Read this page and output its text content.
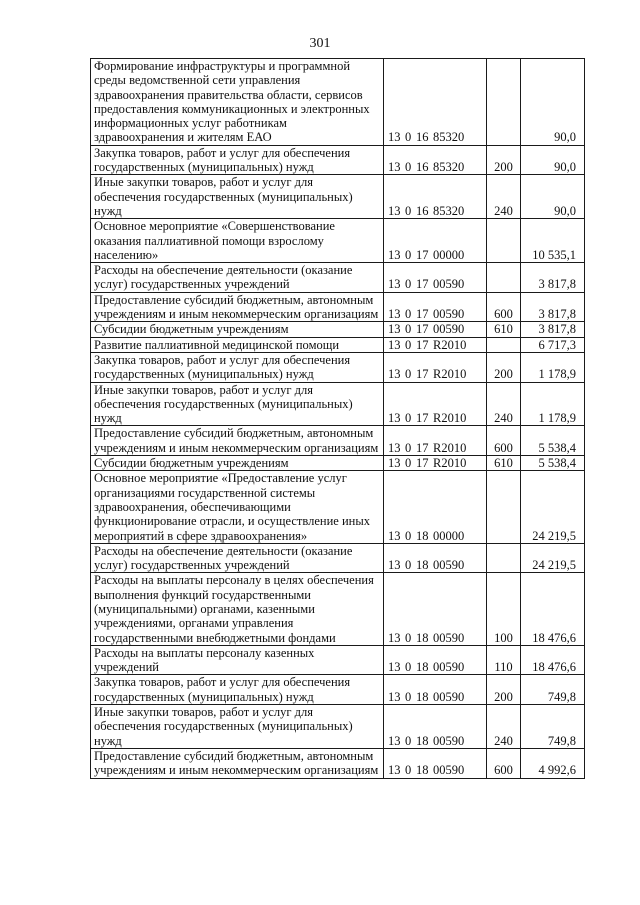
301
Формирование инфраструктуры и программной среды ведомственной сети управления здравоохранения правительства области, сервисов предоставления коммуникационных и электронных информационных услуг работникам здравоохранения и жителям ЕАО	13 0 16 85320		90,0
Закупка товаров, работ и услуг для обеспечения государственных (муниципальных) нужд	13 0 16 85320	200	90,0
Иные закупки товаров, работ и услуг для обеспечения государственных (муниципальных) нужд	13 0 16 85320	240	90,0
Основное мероприятие «Совершенствование оказания паллиативной помощи взрослому населению»	13 0 17 00000		10 535,1
Расходы на обеспечение деятельности (оказание услуг) государственных учреждений	13 0 17 00590		3 817,8
Предоставление субсидий бюджетным, автономным учреждениям и иным некоммерческим организациям	13 0 17 00590	600	3 817,8
Субсидии бюджетным учреждениям	13 0 17 00590	610	3 817,8
Развитие паллиативной медицинской помощи	13 0 17 R2010		6 717,3
Закупка товаров, работ и услуг для обеспечения государственных (муниципальных) нужд	13 0 17 R2010	200	1 178,9
Иные закупки товаров, работ и услуг для обеспечения государственных (муниципальных) нужд	13 0 17 R2010	240	1 178,9
Предоставление субсидий бюджетным, автономным учреждениям и иным некоммерческим организациям	13 0 17 R2010	600	5 538,4
Субсидии бюджетным учреждениям	13 0 17 R2010	610	5 538,4
Основное мероприятие «Предоставление услуг организациями государственной системы здравоохранения, обеспечивающими функционирование отрасли, и осуществление иных мероприятий в сфере здравоохранения»	13 0 18 00000		24 219,5
Расходы на обеспечение деятельности (оказание услуг) государственных учреждений	13 0 18 00590		24 219,5
Расходы на выплаты персоналу в целях обеспечения выполнения функций государственными (муниципальными) органами, казенными учреждениями, органами управления государственными внебюджетными фондами	13 0 18 00590	100	18 476,6
Расходы на выплаты персоналу казенных учреждений	13 0 18 00590	110	18 476,6
Закупка товаров, работ и услуг для обеспечения государственных (муниципальных) нужд	13 0 18 00590	200	749,8
Иные закупки товаров, работ и услуг для обеспечения государственных (муниципальных) нужд	13 0 18 00590	240	749,8
Предоставление субсидий бюджетным, автономным учреждениям и иным некоммерческим организациям	13 0 18 00590	600	4 992,6
